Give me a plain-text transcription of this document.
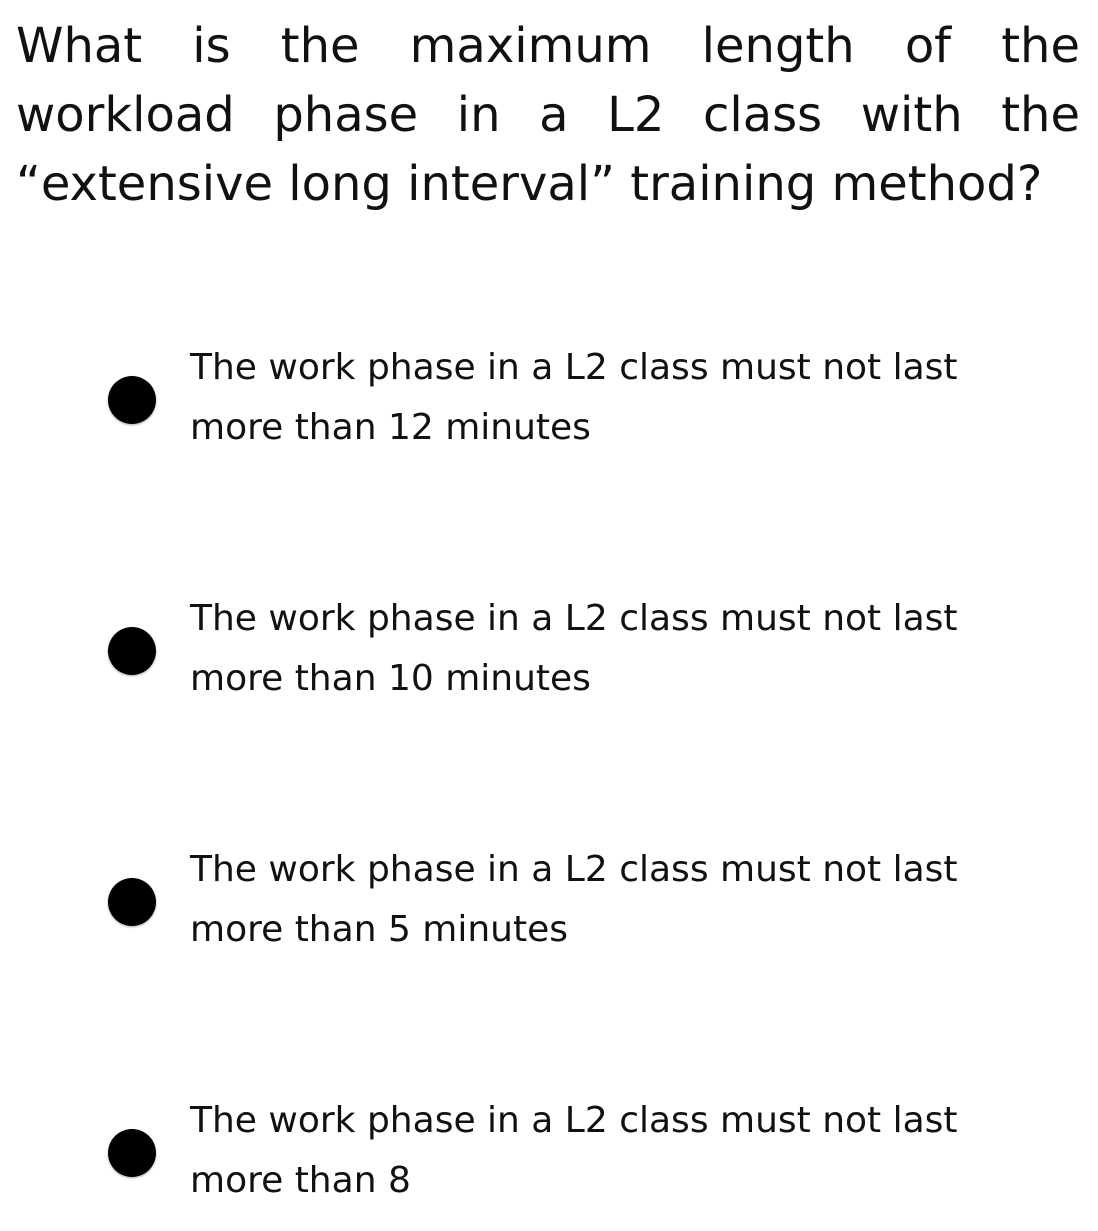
What is the maximum length of the workload phase in a L2 class with the “extensive long interval” training method?

The work phase in a L2 class must not last more than 12 minutes
The work phase in a L2 class must not last more than 10 minutes
The work phase in a L2 class must not last more than 5 minutes
The work phase in a L2 class must not last more than 8
